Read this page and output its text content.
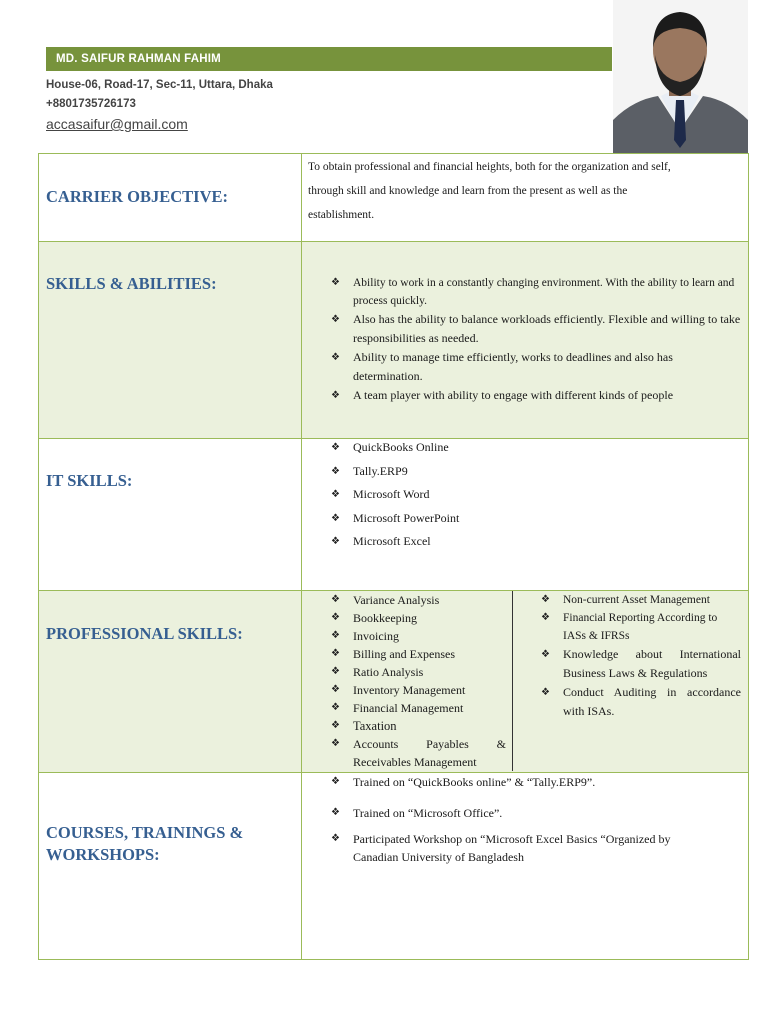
MD. SAIFUR RAHMAN FAHIM
House-06, Road-17, Sec-11, Uttara, Dhaka
+8801735726173
accasaifur@gmail.com
CARRIER OBJECTIVE:
To obtain professional and financial heights, both for the organization and self,
through skill and knowledge and learn from the present as well as the
establishment.
SKILLS & ABILITIES:	❖ Ability to work in a constantly changing environment. With the ability to learn and process quickly.
❖ Also has the ability to balance workloads efficiently. Flexible and willing to take responsibilities as needed.
❖ Ability to manage time efficiently, works to deadlines and also has determination.
❖ A team player with ability to engage with different kinds of people
IT SKILLS:
❖ QuickBooks Online
❖ Tally.ERP9
❖ Microsoft Word
❖ Microsoft PowerPoint
❖ Microsoft Excel
PROFESSIONAL SKILLS:
❖ Variance Analysis
❖ Bookkeeping
❖ Invoicing
❖ Billing and Expenses
❖ Ratio Analysis
❖ Inventory Management
❖ Financial Management
❖ Taxation
❖ Accounts Payables & Receivables Management
❖ Non-current Asset Management
❖ Financial Reporting According to IASs & IFRSs
❖ Knowledge about International Business Laws & Regulations
❖ Conduct Auditing in accordance with ISAs.
COURSES, TRAININGS &
WORKSHOPS:
❖ Trained on “QuickBooks online” & “Tally.ERP9”.
❖ Trained on “Microsoft Office”.
❖ Participated Workshop on “Microsoft Excel Basics “Organized by Canadian University of Bangladesh
